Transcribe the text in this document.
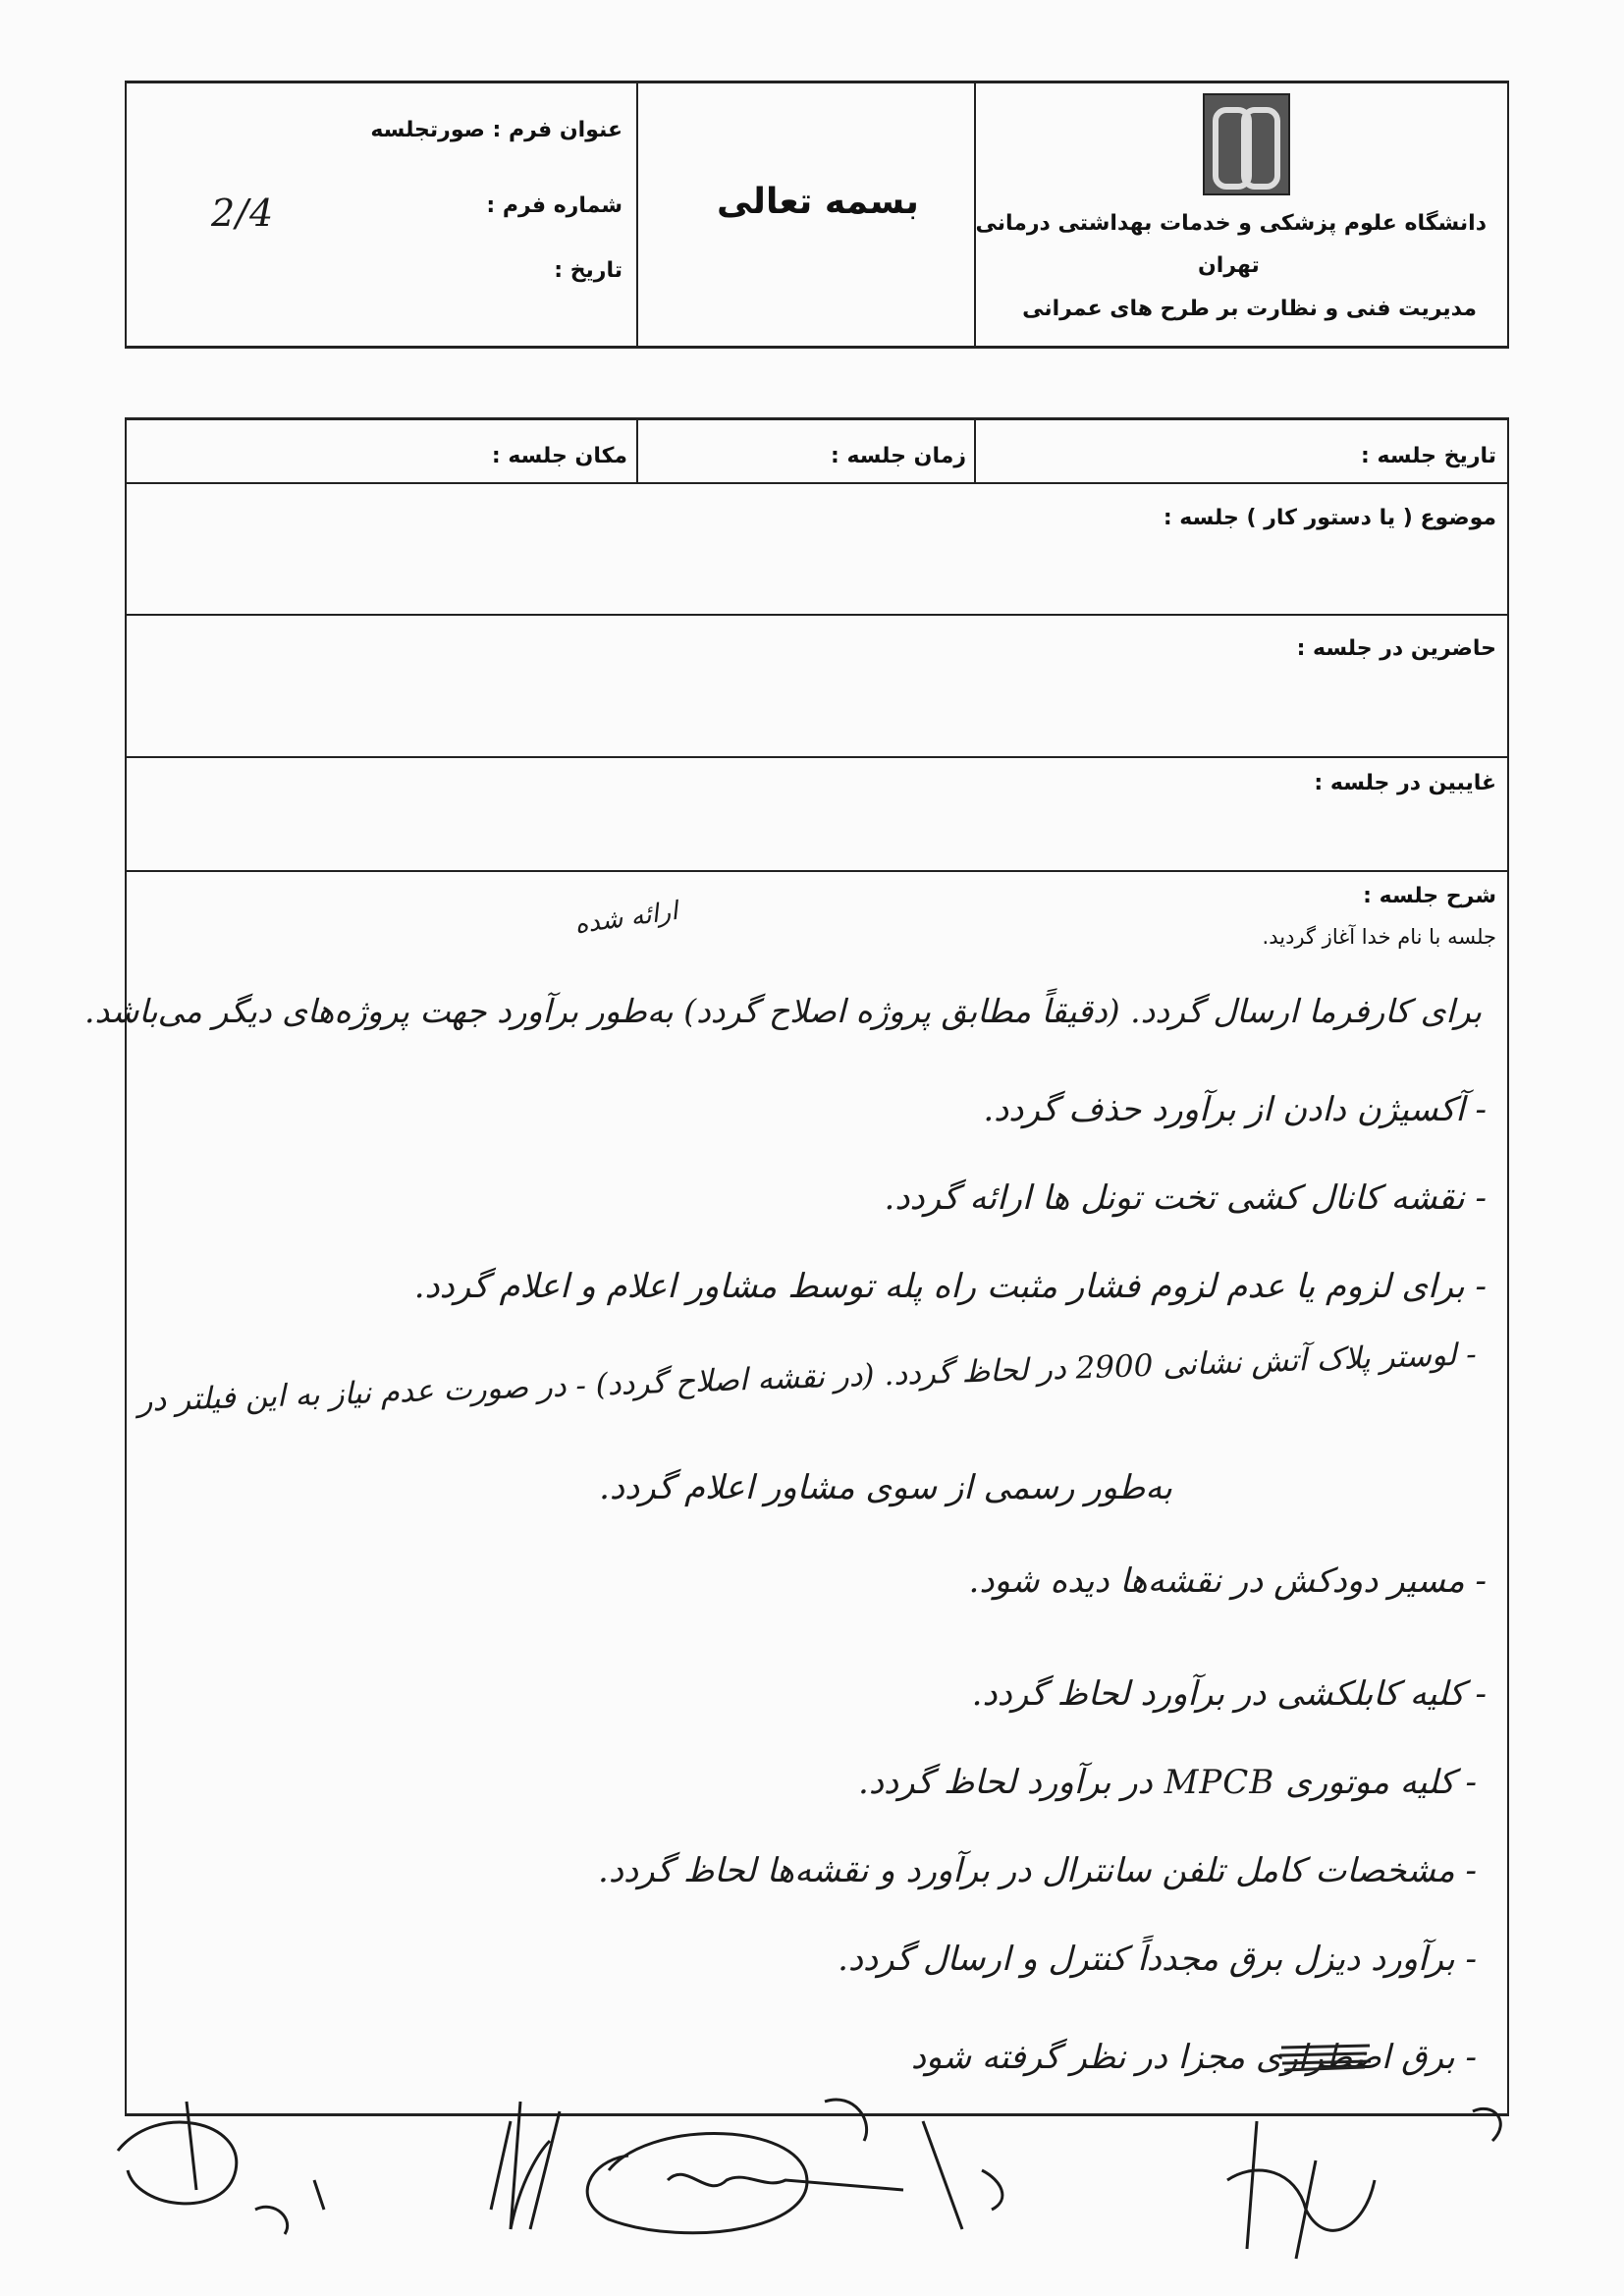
دانشگاه علوم پزشکی و خدمات بهداشتی درمانی
تهران
مدیریت فنی و نظارت بر طرح های عمرانی
بسمه تعالی
عنوان فرم : صورتجلسه
شماره فرم :
2/4
تاریخ :
تاریخ جلسه :
زمان جلسه :
مکان جلسه :
موضوع ( یا دستور کار ) جلسه :
حاضرین در جلسه :
غایبین در جلسه :
شرح جلسه :
جلسه با نام خدا آغاز گردید.
ارائه شده
برای کارفرما ارسال گردد. (دقیقاً مطابق پروژه اصلاح گردد) به‌طور برآورد جهت پروژه‌های دیگر می‌باشد.
- آکسیژن دادن از برآورد حذف گردد.
- نقشه کانال کشی تخت تونل ها ارائه گردد.
- برای لزوم یا عدم لزوم فشار مثبت راه پله توسط مشاور اعلام و اعلام گردد.
- لوستر پلاک آتش نشانی 2900 در لحاظ گردد. (در نقشه اصلاح گردد) - در صورت عدم نیاز به این فیلتر در
به‌طور رسمی از سوی مشاور اعلام گردد.
- مسیر دودکش در نقشه‌ها دیده شود.
- کلیه کابلکشی در برآورد لحاظ گردد.
- کلیه موتوری MPCB در برآورد لحاظ گردد.
- مشخصات کامل تلفن سانترال در برآورد و نقشه‌ها لحاظ گردد.
- برآورد دیزل برق مجدداً کنترل و ارسال گردد.
- برق اضطراری مجزا در نظر گرفته شود
